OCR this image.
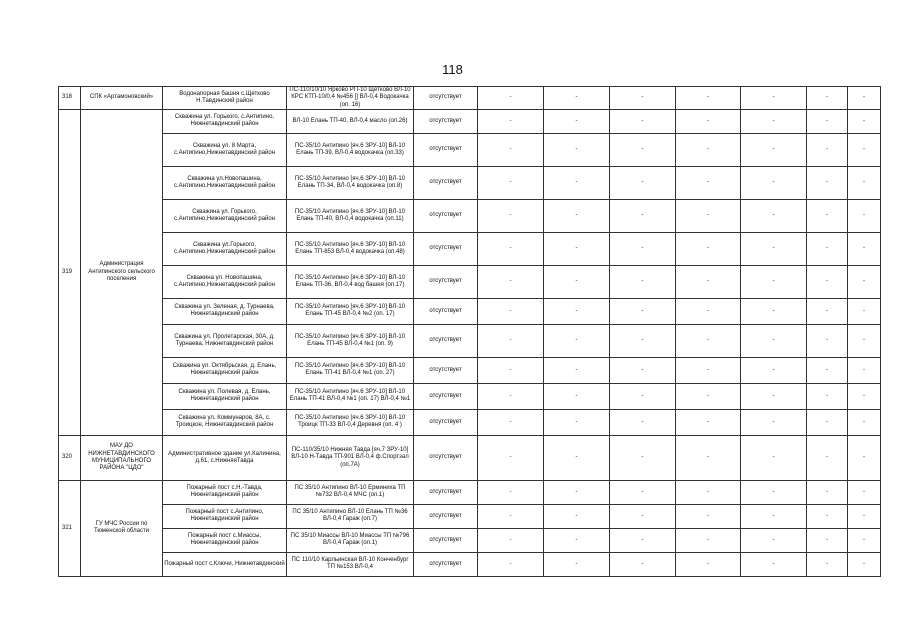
118
318	СПК «Артамоновский»	Водонапорная башня с.Щетково Н.Тавдинский район	ПС-110/10/10 Ярково РП-10 Щетково ВЛ-10 КРС КТП-10/0,4 №456 [] ВЛ-0,4 Водокачка (оп. 16)	отсутствует	-	-	-	-	-	-	-
319	Администрация Антипинского сельского поселения	Скважина ул. Горького, с.Антипино, Нижнетавдинский район	ВЛ-10 Елань ТП-40, ВЛ-0,4 масло (оп.26)	отсутствует	-	-	-	-	-	-	-
		Скважина ул. 8 Марта, с.Антипино,Нижнетавдинский район	ПС-35/10 Антипино [яч.6 ЗРУ-10] ВЛ-10 Елань ТП-39, ВЛ-0,4 водокачка (оп.33)	отсутствует	-	-	-	-	-	-	-
		Скважина ул.Новопашина, с.Антипино,Нижнетавдинский район	ПС-35/10 Антипино [яч.6 ЗРУ-10] ВЛ-10 Елань ТП-34, ВЛ-0,4 водокачка (оп.8)	отсутствует	-	-	-	-	-	-	-
		Скважина ул. Горького, с.Антипино,Нижнетавдинский район	ПС-35/10 Антипино [яч.6 ЗРУ-10] ВЛ-10 Елань ТП-40, ВЛ-0,4 водокачка (оп.11)	отсутствует	-	-	-	-	-	-	-
		Скважина ул.Горького, с.Антипино,Нижнетавдинский район	ПС-35/10 Антипино [яч.6 ЗРУ-10] ВЛ-10 Елань ТП-853 ВЛ-0,4 водокачка (оп.48)	отсутствует	-	-	-	-	-	-	-
		Скважина ул. Новопашина, с.Антипино,Нижнетавдинский район	ПС-35/10 Антипино [яч.6 ЗРУ-10] ВЛ-10 Елань ТП-36, ВЛ-0,4 вод башня (оп.17)	отсутствует	-	-	-	-	-	-	-
		Скважина ул. Зеленая, д. Турнаева, Нижнетавдинский район	ПС-35/10 Антипино [яч.6 ЗРУ-10] ВЛ-10 Елань ТП-45 ВЛ-0,4 №2 (оп. 17)	отсутствует	-	-	-	-	-	-	-
		Скважина ул. Пролетарская, 30А, д. Турнаева, Нижнетавдинский район	ПС-35/10 Антипино [яч.6 ЗРУ-10] ВЛ-10 Елань ТП-45 ВЛ-0,4 №1 (оп. 9)	отсутствует	-	-	-	-	-	-	-
		Скважина ул. Октябрьская, д. Елань, Нижнетавдинский район	ПС-35/10 Антипино [яч.6 ЗРУ-10] ВЛ-10 Елань ТП-41 ВЛ-0,4 №1 (оп. 27)	отсутствует	-	-	-	-	-	-	-
		Скважина ул. Полевая, д. Елань, Нижнетавдинский район	ПС-35/10 Антипино [яч.6 ЗРУ-10] ВЛ-10 Елань ТП-41 ВЛ-0,4 №1 (оп. 17) ВЛ-0,4 №1	отсутствует	-	-	-	-	-	-	-
		Скважина ул. Коммунаров, 8А, с. Троицкое, Нижнетавдинский район	ПС-35/10 Антипино [яч.6 ЗРУ-10] ВЛ-10 Троицк ТП-33 ВЛ-0,4 Деревня (оп. 4 )	отсутствует	-	-	-	-	-	-	-
320	МАУ ДО НИЖНЕТАВДИНСКОГО МУНИЦИПАЛЬНОГО РАЙОНА "ЦДО"	Административное здание ул.Калинина, д.61, с.НижняяТавда	ПС-110/35/10 Нижняя Тавда [яч.7 ЗРУ-10] ВЛ-10 Н-Тавда ТП-901 ВЛ-0,4 ф.Спортзал (оп.7А)	отсутствует	-	-	-	-	-	-	-
321	ГУ МЧС России по Тюменской области	Пожарный пост с.Н.-Тавда, Нижнетавдинский район	ПС 35/10 Антипино ВЛ-10 Ерминиха ТП №732 ВЛ-0,4 МЧС (оп.1)	отсутствует	-	-	-	-	-	-	-
		Пожарный пост с.Антипино, Нижнетавдинский район	ПС 35/10 Антипино ВЛ-10 Елань ТП №36 ВЛ-0,4 Гараж (оп.7)	отсутствует	-	-	-	-	-	-	-
		Пожарный пост с.Миассы, Нижнетавдинский район	ПС 35/10 Миассы ВЛ-10 Миассы ТП №796 ВЛ-0,4 Гараж (оп.1)	отсутствует	-	-	-	-	-	-	-
		Пожарный пост с.Ключи, Нижнетавдинский	ПС 110/10 Карльинская ВЛ-10 Конченбург ТП №153 ВЛ-0,4	отсутствует	-	-	-	-	-	-	-
